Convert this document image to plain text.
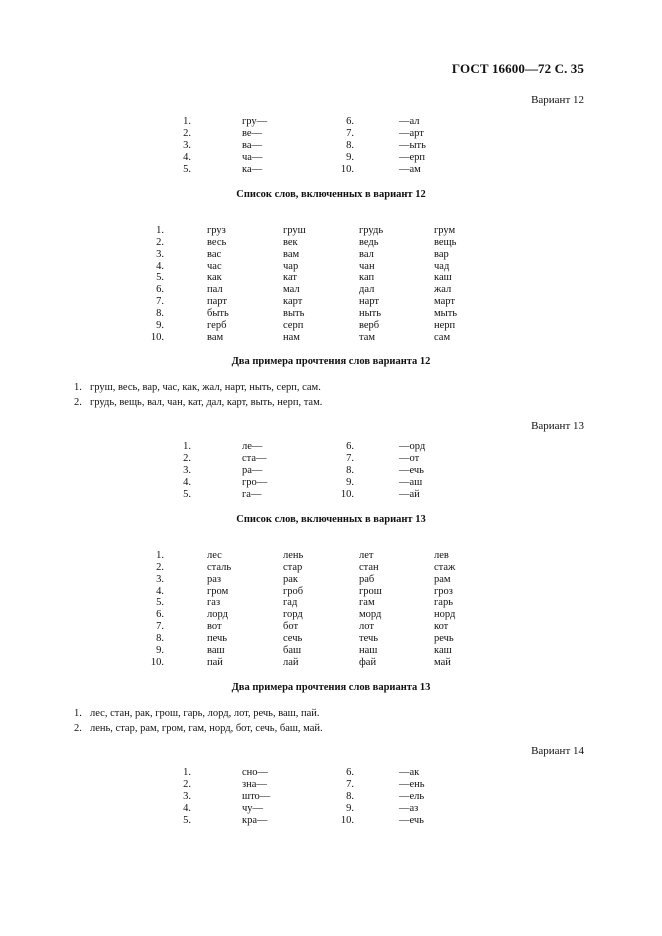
ГОСТ 16600—72 С. 35
Вариант 12
1.	гру—	6.	—ал
2.	ве—	7.	—арт
3.	ва—	8.	—ыть
4.	ча—	9.	—ерп
5.	ка—	10.	—ам
Список слов, включенных в вариант 12
1.	груз	груш	грудь	грум
2.	весь	век	ведь	вещь
3.	вас	вам	вал	вар
4.	час	чар	чан	чад
5.	как	кат	кап	каш
6.	пал	мал	дал	жал
7.	парт	карт	нарт	март
8.	быть	выть	ныть	мыть
9.	герб	серп	верб	нерп
10.	вам	нам	там	сам
Два примера прочтения слов варианта 12
1. груш, весь, вар, час, как, жал, нарт, ныть, серп, сам.
2. грудь, вещь, вал, чан, кат, дал, карт, выть, нерп, там.
Вариант 13
1.	ле—	6.	—орд
2.	ста—	7.	—от
3.	ра—	8.	—ечь
4.	гро—	9.	—аш
5.	га—	10.	—ай
Список слов, включенных в вариант 13
1.	лес	лень	лет	лев
2.	сталь	стар	стан	стаж
3.	раз	рак	раб	рам
4.	гром	гроб	грош	гроз
5.	газ	гад	гам	гарь
6.	лорд	горд	морд	норд
7.	вот	бот	лот	кот
8.	печь	сечь	течь	речь
9.	ваш	баш	наш	каш
10.	пай	лай	фай	май
Два примера прочтения слов варианта 13
1. лес, стан, рак, грош, гарь, лорд, лот, речь, ваш, пай.
2. лень, стар, рам, гром, гам, норд, бот, сечь, баш, май.
Вариант 14
1.	сно—	6.	—ак
2.	зна—	7.	—ень
3.	што—	8.	—ель
4.	чу—	9.	—аз
5.	кра—	10.	—ечь
